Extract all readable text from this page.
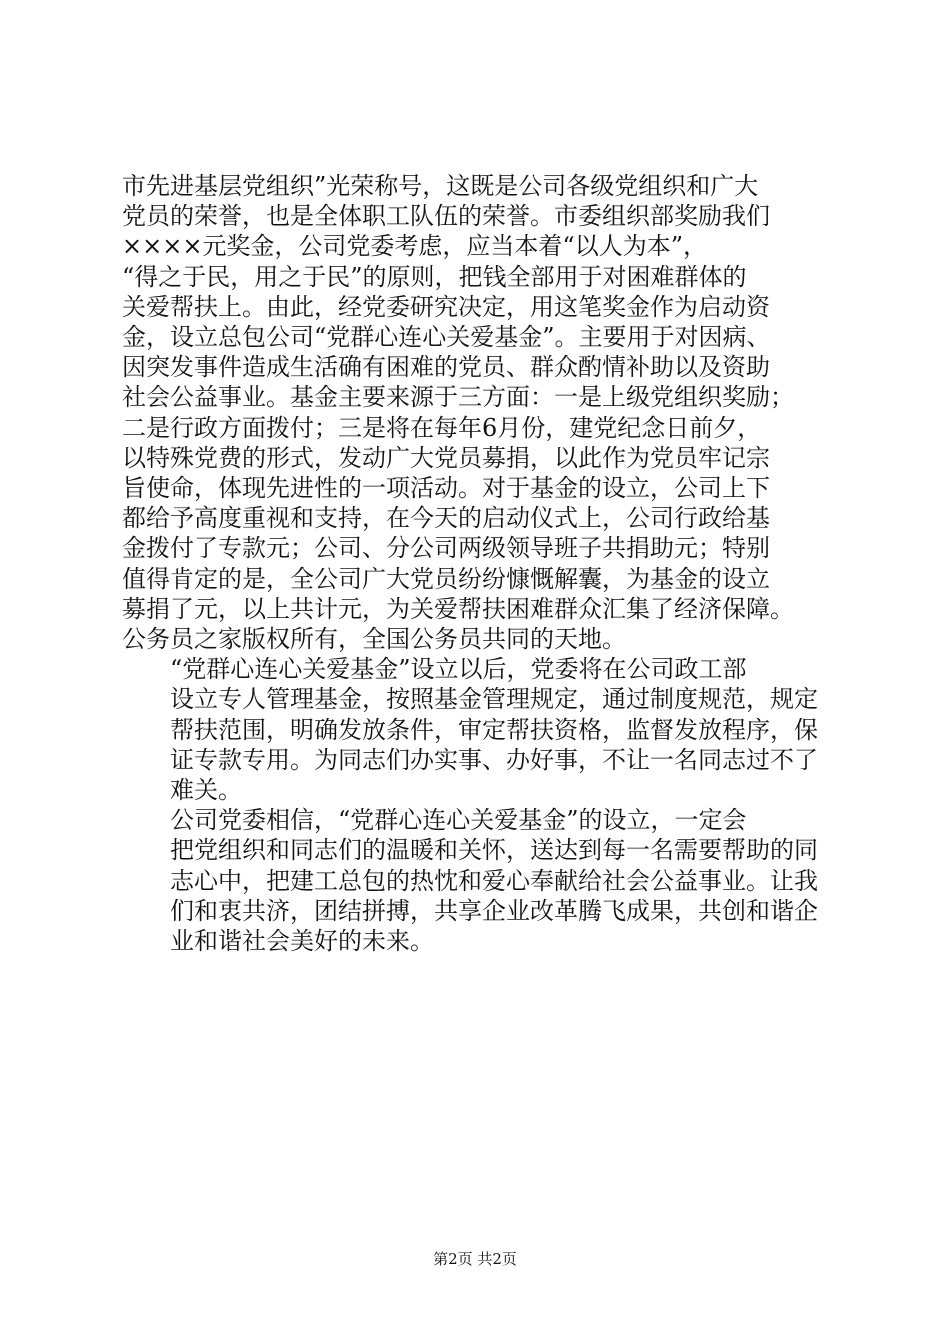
市先进基层党组织”光荣称号，这既是公司各级党组织和广大
党员的荣誉，也是全体职工队伍的荣誉。市委组织部奖励我们
××××元奖金，公司党委考虑，应当本着“以人为本”，
“得之于民，用之于民”的原则，把钱全部用于对困难群体的
关爱帮扶上。由此，经党委研究决定，用这笔奖金作为启动资
金，设立总包公司“党群心连心关爱基金”。主要用于对因病、
因突发事件造成生活确有困难的党员、群众酌情补助以及资助
社会公益事业。基金主要来源于三方面：一是上级党组织奖励；
二是行政方面拨付；三是将在每年6月份，建党纪念日前夕，
以特殊党费的形式，发动广大党员募捐，以此作为党员牢记宗
旨使命，体现先进性的一项活动。对于基金的设立，公司上下
都给予高度重视和支持，在今天的启动仪式上，公司行政给基
金拨付了专款元；公司、分公司两级领导班子共捐助元；特别
值得肯定的是，全公司广大党员纷纷慷慨解囊，为基金的设立
募捐了元，以上共计元，为关爱帮扶困难群众汇集了经济保障。
公务员之家版权所有，全国公务员共同的天地。

“党群心连心关爱基金”设立以后，党委将在公司政工部
设立专人管理基金，按照基金管理规定，通过制度规范，规定
帮扶范围，明确发放条件，审定帮扶资格，监督发放程序，保
证专款专用。为同志们办实事、办好事，不让一名同志过不了
难关。

公司党委相信，“党群心连心关爱基金”的设立，一定会
把党组织和同志们的温暖和关怀，送达到每一名需要帮助的同
志心中，把建工总包的热忱和爱心奉献给社会公益事业。让我
们和衷共济，团结拼搏，共享企业改革腾飞成果，共创和谐企
业和谐社会美好的未来。

第2页 共2页
